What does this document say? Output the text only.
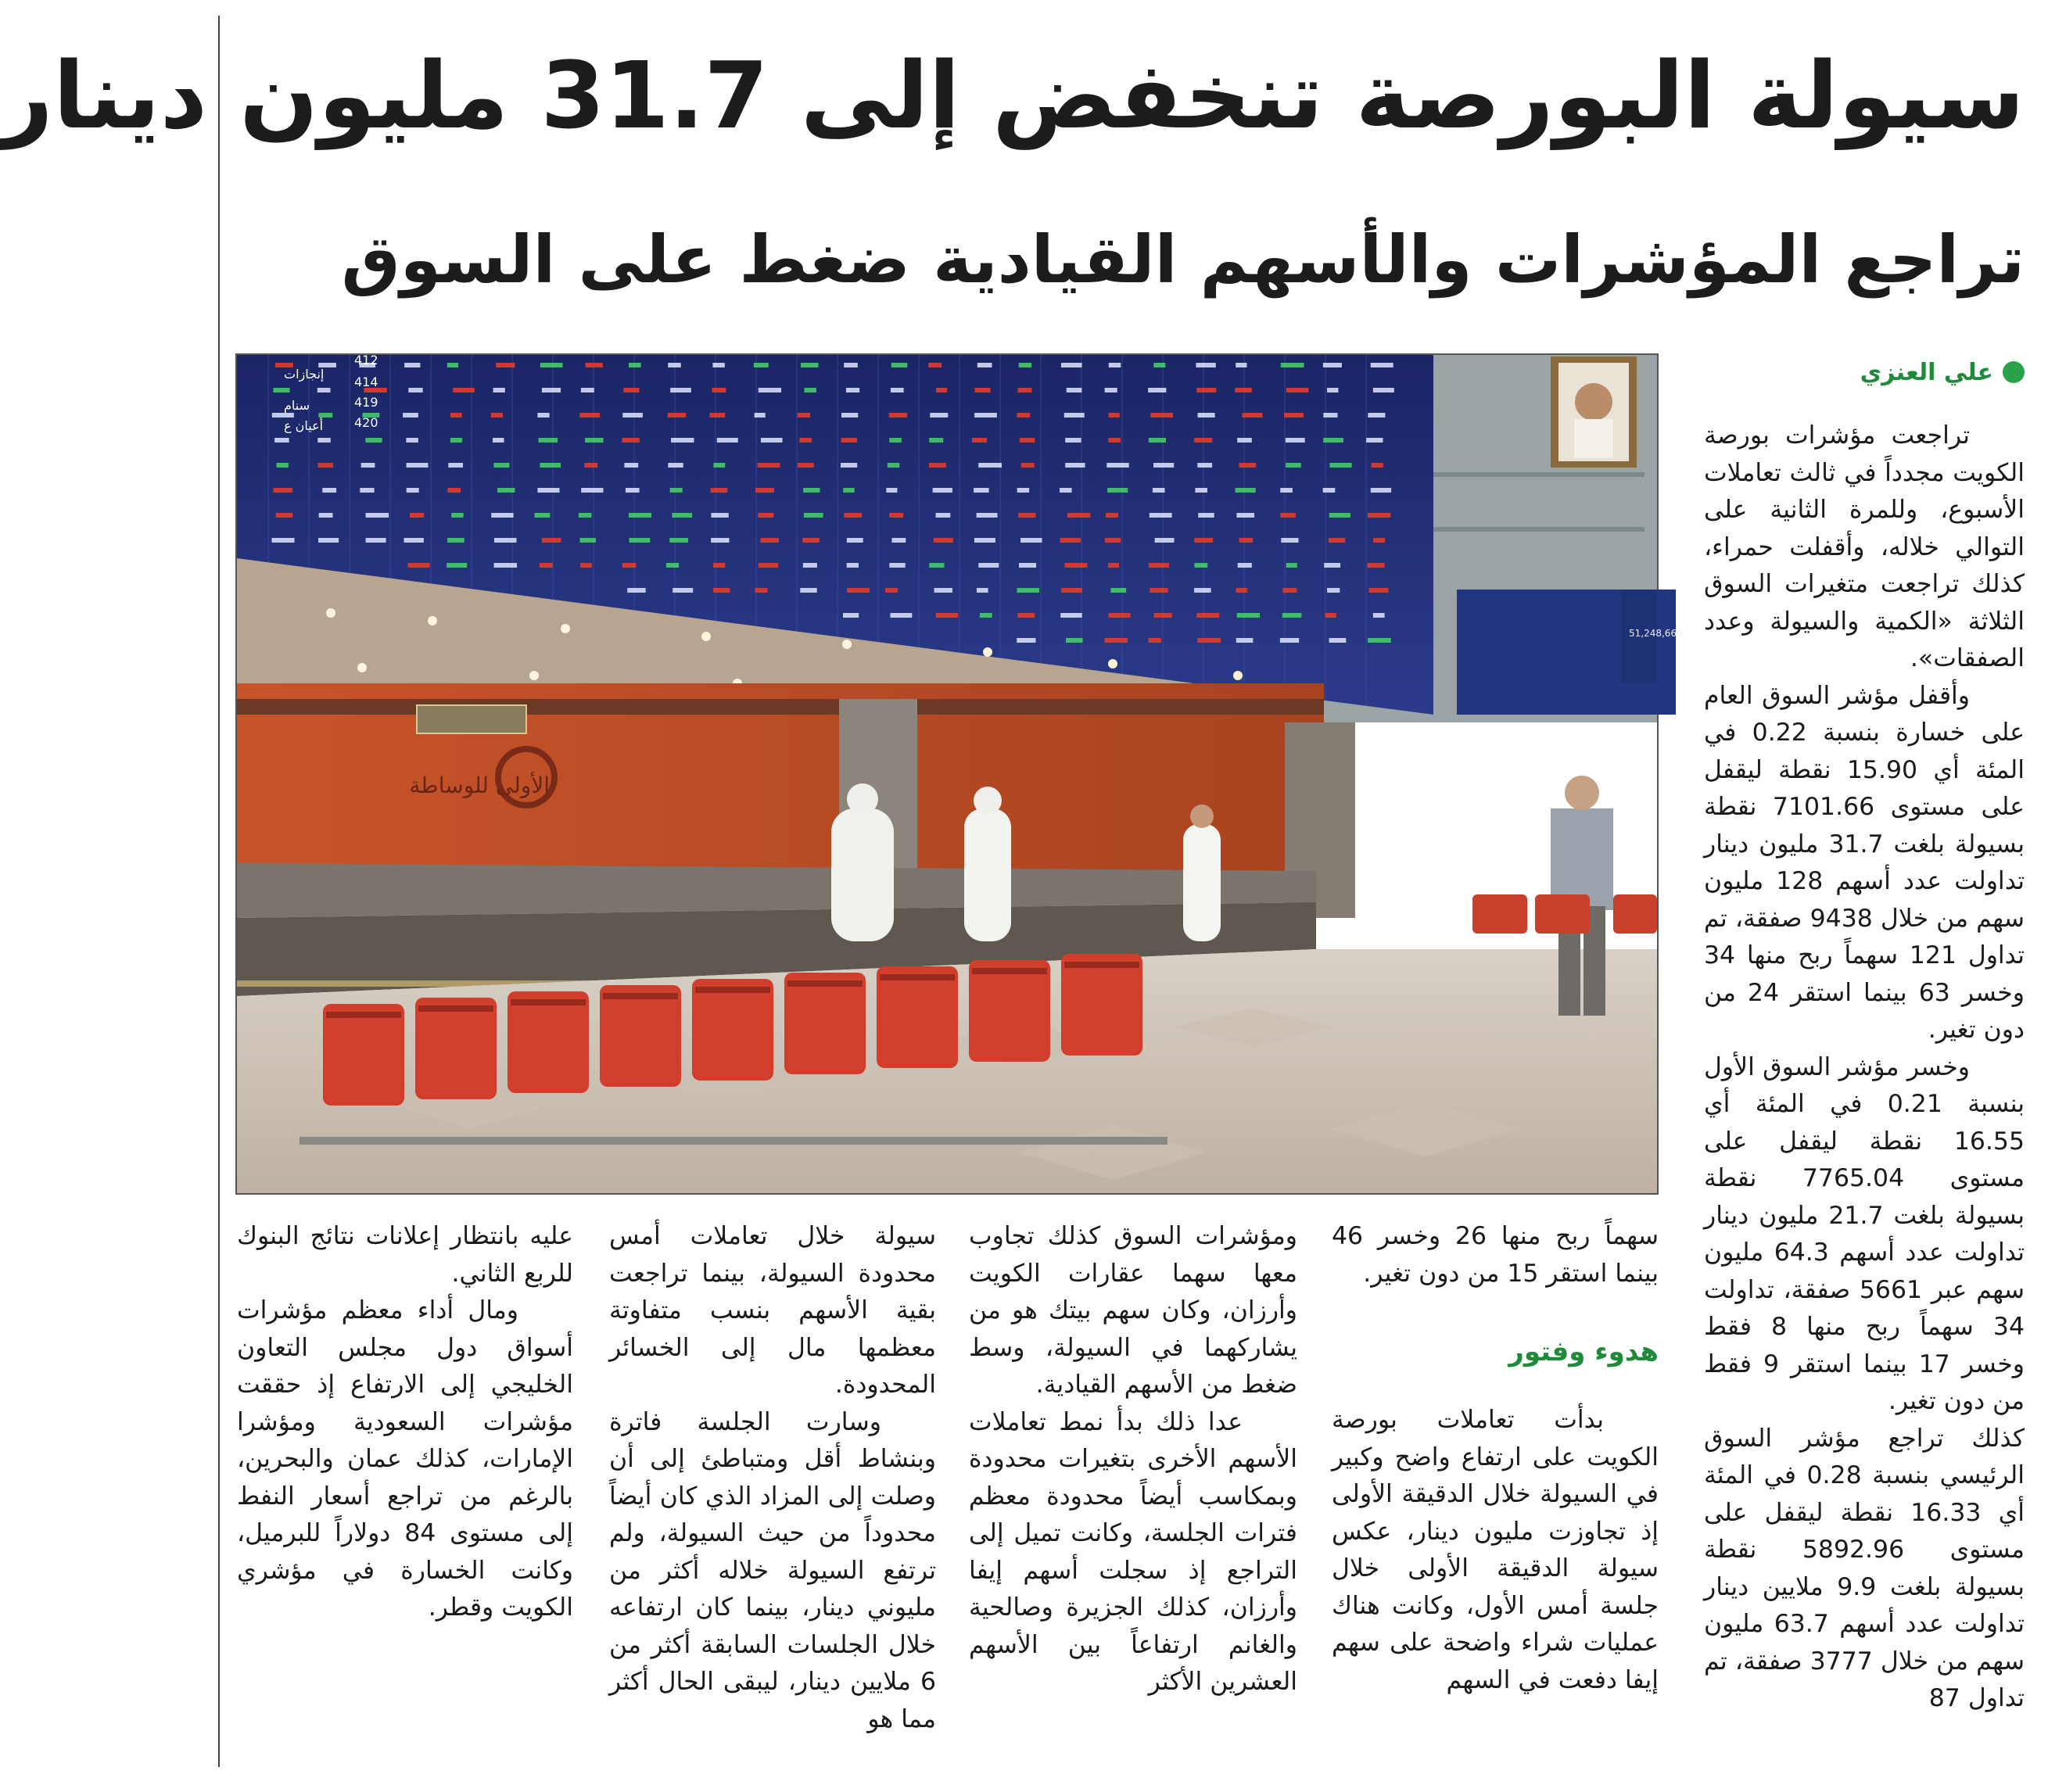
سيولة البورصة تنخفض إلى 31.7 مليون دينار
تراجع المؤشرات والأسهم القيادية ضغط على السوق
علي العنزي

تراجعت مؤشرات بورصة الكويت مجدداً في ثالث تعاملات الأسبوع، وللمرة الثانية على التوالي خلاله، وأقفلت حمراء، كذلك تراجعت متغيرات السوق الثلاثة «الكمية والسيولة وعدد الصفقات».

وأقفل مؤشر السوق العام على خسارة بنسبة 0.22 في المئة أي 15.90 نقطة ليقفل على مستوى 7101.66 نقطة بسيولة بلغت 31.7 مليون دينار تداولت عدد أسهم 128 مليون سهم من خلال 9438 صفقة، تم تداول 121 سهماً ربح منها 34 وخسر 63 بينما استقر 24 من دون تغير.

وخسر مؤشر السوق الأول بنسبة 0.21 في المئة أي 16.55 نقطة ليقفل على مستوى 7765.04 نقطة بسيولة بلغت 21.7 مليون دينار تداولت عدد أسهم 64.3 مليون سهم عبر 5661 صفقة، تداولت 34 سهماً ربح منها 8 فقط وخسر 17 بينما استقر 9 فقط من دون تغير.

كذلك تراجع مؤشر السوق الرئيسي بنسبة 0.28 في المئة أي 16.33 نقطة ليقفل على مستوى 5892.96 نقطة بسيولة بلغت 9.9 ملايين دينار تداولت عدد أسهم 63.7 مليون سهم من خلال 3777 صفقة، تم تداول 87

سهماً ربح منها 26 وخسر 46 بينما استقر 15 من دون تغير.

هدوء وفتور

بدأت تعاملات بورصة الكويت على ارتفاع واضح وكبير في السيولة خلال الدقيقة الأولى إذ تجاوزت مليون دينار، عكس سيولة الدقيقة الأولى خلال جلسة أمس الأول، وكانت هناك عمليات شراء واضحة على سهم إيفا دفعت في السهم

ومؤشرات السوق كذلك تجاوب معها سهما عقارات الكويت وأرزان، وكان سهم بيتك هو من يشاركهما في السيولة، وسط ضغط من الأسهم القيادية.

عدا ذلك بدأ نمط تعاملات الأسهم الأخرى بتغيرات محدودة وبمكاسب أيضاً محدودة معظم فترات الجلسة، وكانت تميل إلى التراجع إذ سجلت أسهم إيفا وأرزان، كذلك الجزيرة وصالحية والغانم ارتفاعاً بين الأسهم العشرين الأكثر

سيولة خلال تعاملات أمس محدودة السيولة، بينما تراجعت بقية الأسهم بنسب متفاوتة معظمها مال إلى الخسائر المحدودة.

وسارت الجلسة فاترة وبنشاط أقل ومتباطئ إلى أن وصلت إلى المزاد الذي كان أيضاً محدوداً من حيث السيولة، ولم ترتفع السيولة خلاله أكثر من مليوني دينار، بينما كان ارتفاعه خلال الجلسات السابقة أكثر من 6 ملايين دينار، ليبقى الحال أكثر مما هو

عليه بانتظار إعلانات نتائج البنوك للربع الثاني.

ومال أداء معظم مؤشرات أسواق دول مجلس التعاون الخليجي إلى الارتفاع إذ حققت مؤشرات السعودية ومؤشرا الإمارات، كذلك عمان والبحرين، بالرغم من تراجع أسعار النفط إلى مستوى 84 دولاراً للبرميل، وكانت الخسارة في مؤشري الكويت وقطر.

51,248,660
إنجازات
سنام
أعيان ع
412
414
419
420
الأولى للوساطة
